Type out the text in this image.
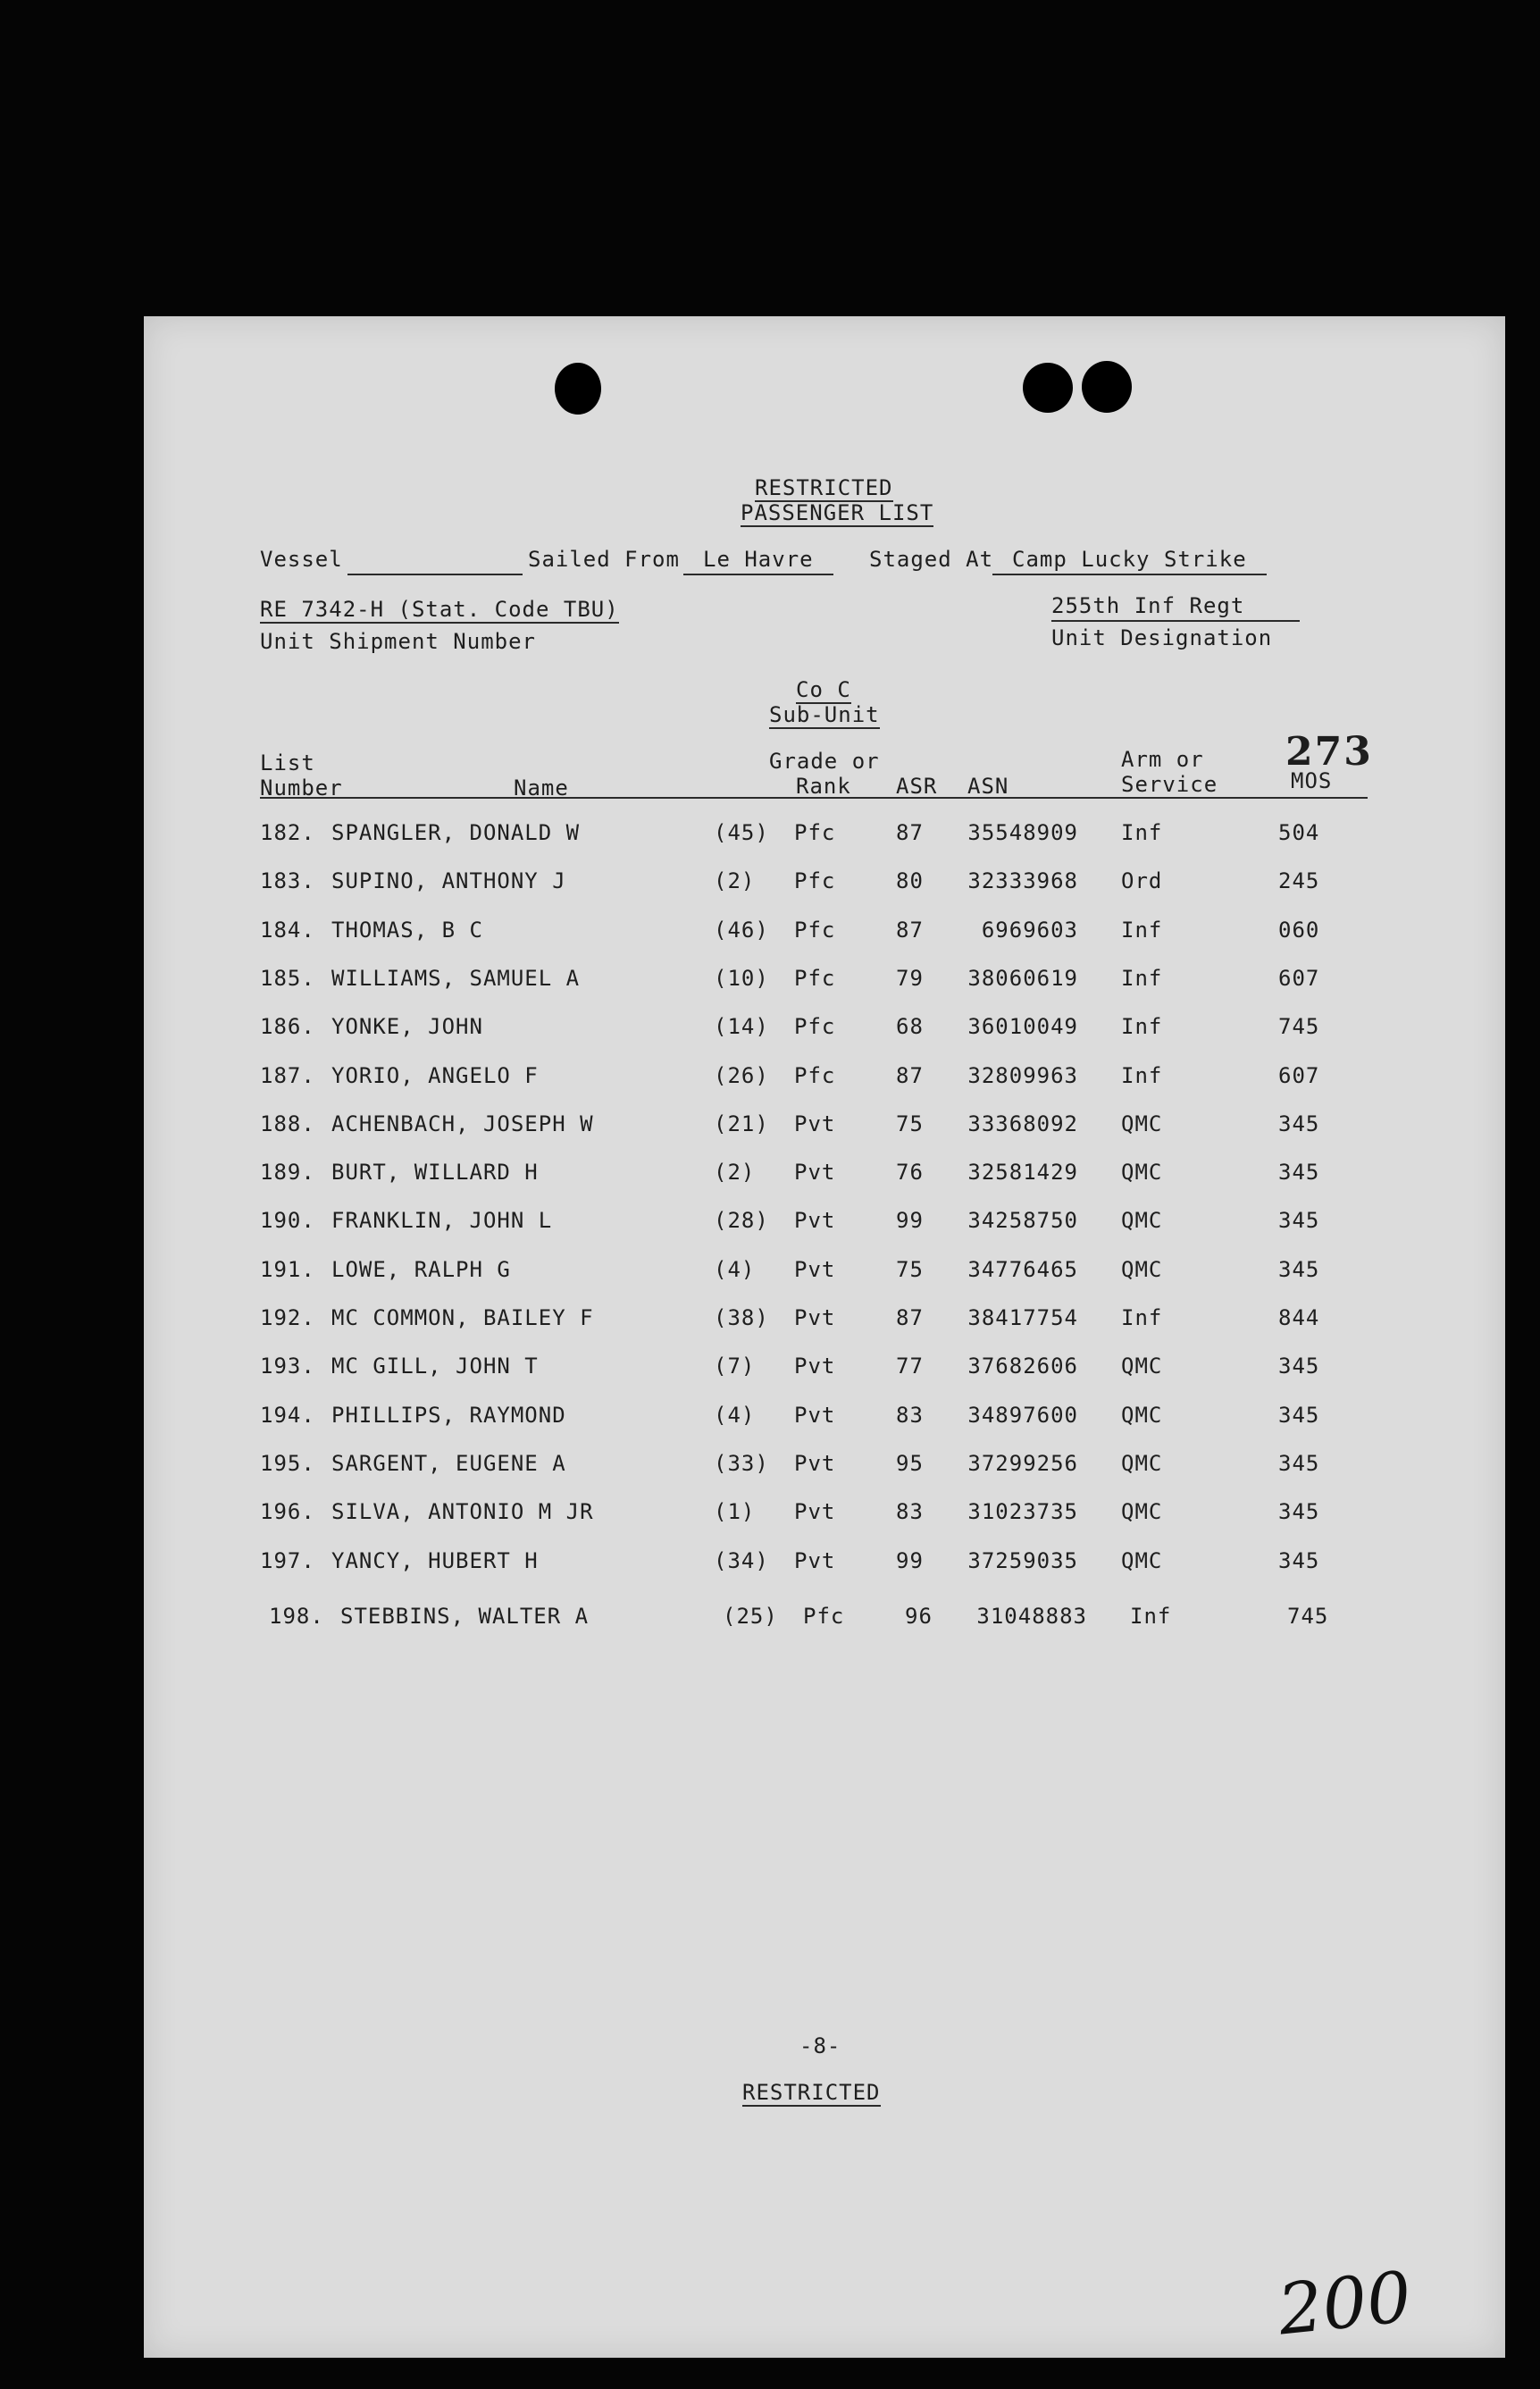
RESTRICTED
PASSENGER LIST
Vessel	Sailed From	Le Havre	Staged At Camp Lucky Strike
RE 7342-H (Stat. Code TBU)
Unit Shipment Number
255th Inf Regt
Unit Designation
Co C
Sub-Unit
List
Number	Name
Grade or
Rank ASR ASN
Arm or
Service
273
MOS
182. SPANGLER, DONALD W	(45) Pfc	87 35548909 Inf	504
183. SUPINO, ANTHONY J	(2) Pfc	80 32333968 Ord	245
184. THOMAS, B C	(46) Pfc	87	6969603 Inf	060
185. WILLIAMS, SAMUEL A	(10) Pfc	79 38060619 Inf	607
186. YONKE, JOHN	(14) Pfc	68 36010049 Inf	745
187. YORIO, ANGELO F	(26) Pfc	87 32809963 Inf	607
188. ACHENBACH, JOSEPH W	(21) Pvt	75 33368092 QMC	345
189. BURT, WILLARD H	(2) Pvt	76 32581429 QMC	345
190. FRANKLIN, JOHN L	(28) Pvt	99 34258750 QMC	345
191. LOWE, RALPH G	(4) Pvt	75 34776465 QMC	345
192. MC COMMON, BAILEY F	(38) Pvt	87 38417754 Inf	844
193. MC GILL, JOHN T	(7) Pvt	77 37682606 QMC	345
194. PHILLIPS, RAYMOND	(4) Pvt	83 34897600 QMC	345
195. SARGENT, EUGENE A	(33) Pvt	95 37299256 QMC	345
196. SILVA, ANTONIO M JR	(1) Pvt	83 31023735 QMC	345
197. YANCY, HUBERT H	(34) Pvt	99 37259035 QMC	345
198. STEBBINS, WALTER A	(25) Pfc	96 31048883 Inf	745
-8-
RESTRICTED
200
